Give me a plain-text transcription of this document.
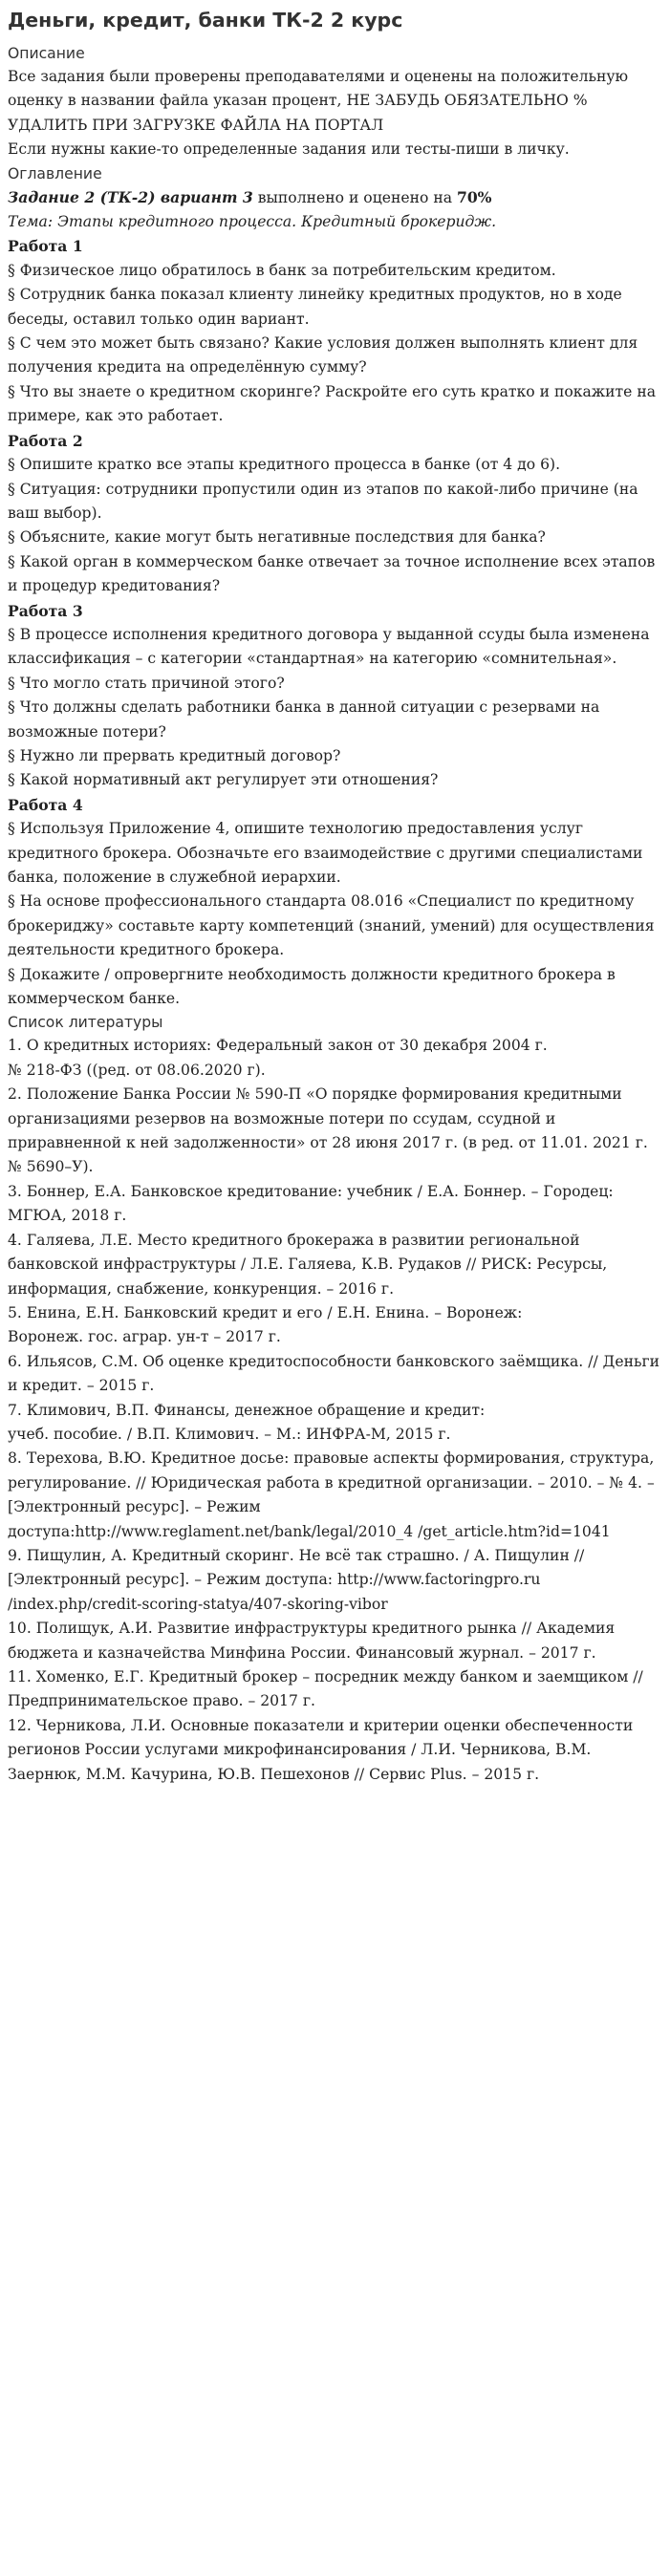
Деньги, кредит, банки ТК-2 2 курс

Описание

Все задания были проверены преподавателями и оценены на положительную оценку в названии файла указан процент, НЕ ЗАБУДЬ ОБЯЗАТЕЛЬНО % УДАЛИТЬ ПРИ ЗАГРУЗКЕ ФАЙЛА НА ПОРТАЛ

Если нужны какие-то определенные задания или тесты-пиши в личку.

Оглавление

Задание 2 (ТК-2) вариант 3 выполнено и оценено на 70%

Тема: Этапы кредитного процесса. Кредитный брокеридж.

Работа 1

§ Физическое лицо обратилось в банк за потребительским кредитом.

§ Сотрудник банка показал клиенту линейку кредитных продуктов, но в ходе беседы, оставил только один вариант.

§ С чем это может быть связано? Какие условия должен выполнять клиент для получения кредита на определённую сумму?

§ Что вы знаете о кредитном скоринге? Раскройте его суть кратко и покажите на примере, как это работает.

Работа 2

§ Опишите кратко все этапы кредитного процесса в банке (от 4 до 6).

§ Ситуация: сотрудники пропустили один из этапов по какой-либо причине (на ваш выбор).

§ Объясните, какие могут быть негативные последствия для банка?

§ Какой орган в коммерческом банке отвечает за точное исполнение всех этапов и процедур кредитования?

Работа 3

§ В процессе исполнения кредитного договора у выданной ссуды была изменена классификация – с категории «стандартная» на категорию «сомнительная».

§ Что могло стать причиной этого?

§ Что должны сделать работники банка в данной ситуации с резервами на возможные потери?

§ Нужно ли прервать кредитный договор?

§ Какой нормативный акт регулирует эти отношения?

Работа 4

§ Используя Приложение 4, опишите технологию предоставления услуг кредитного брокера. Обозначьте его взаимодействие с другими специалистами банка, положение в служебной иерархии.

§ На основе профессионального стандарта 08.016 «Специалист по кредитному брокериджу» составьте карту компетенций (знаний, умений) для осуществления деятельности кредитного брокера.

§ Докажите / опровергните необходимость должности кредитного брокера в коммерческом банке.

Список литературы

1. О кредитных историях: Федеральный закон от 30 декабря 2004 г.

№ 218-ФЗ ((ред. от 08.06.2020 г).

2. Положение Банка России № 590-П «О порядке формирования кредитными организациями резервов на возможные потери по ссудам, ссудной и приравненной к ней задолженности» от 28 июня 2017 г. (в ред. от 11.01. 2021 г. № 5690–У).

3. Боннер, Е.А. Банковское кредитование: учебник / Е.А. Боннер. – Городец: МГЮА, 2018 г.

4. Галяева, Л.Е. Место кредитного брокеража в развитии региональной банковской инфраструктуры / Л.Е. Галяева, К.В. Рудаков // РИСК: Ресурсы, информация, снабжение, конкуренция. – 2016 г.

5. Енина, Е.Н. Банковский кредит и его / Е.Н. Енина. – Воронеж:

Воронеж. гос. аграр. ун-т – 2017 г.

6. Ильясов, С.М. Об оценке кредитоспособности банковского заёмщика. // Деньги и кредит. – 2015 г.

7. Климович, В.П. Финансы, денежное обращение и кредит:

учеб. пособие. / В.П. Климович. – М.: ИНФРА-М, 2015 г.

8. Терехова, В.Ю. Кредитное досье: правовые аспекты формирования, структура, регулирование. // Юридическая работа в кредитной организации. – 2010. – № 4. –[Электронный ресурс]. – Режим доступа:http://www.reglament.net/bank/legal/2010_4 /get_article.htm?id=1041

9. Пищулин, А. Кредитный скоринг. Не всё так страшно. / А. Пищулин // [Электронный ресурс]. – Режим доступа: http://www.factoringpro.ru /index.php/credit-scoring-statya/407-skoring-vibor

10. Полищук, А.И. Развитие инфраструктуры кредитного рынка // Академия бюджета и казначейства Минфина России. Финансовый журнал. – 2017 г.

11. Хоменко, Е.Г. Кредитный брокер – посредник между банком и заемщиком // Предпринимательское право. – 2017 г.

12. Черникова, Л.И. Основные показатели и критерии оценки обеспеченности регионов России услугами микрофинансирования / Л.И. Черникова, В.М. Заернюк, М.М. Качурина, Ю.В. Пешехонов // Сервис Plus. – 2015 г.
